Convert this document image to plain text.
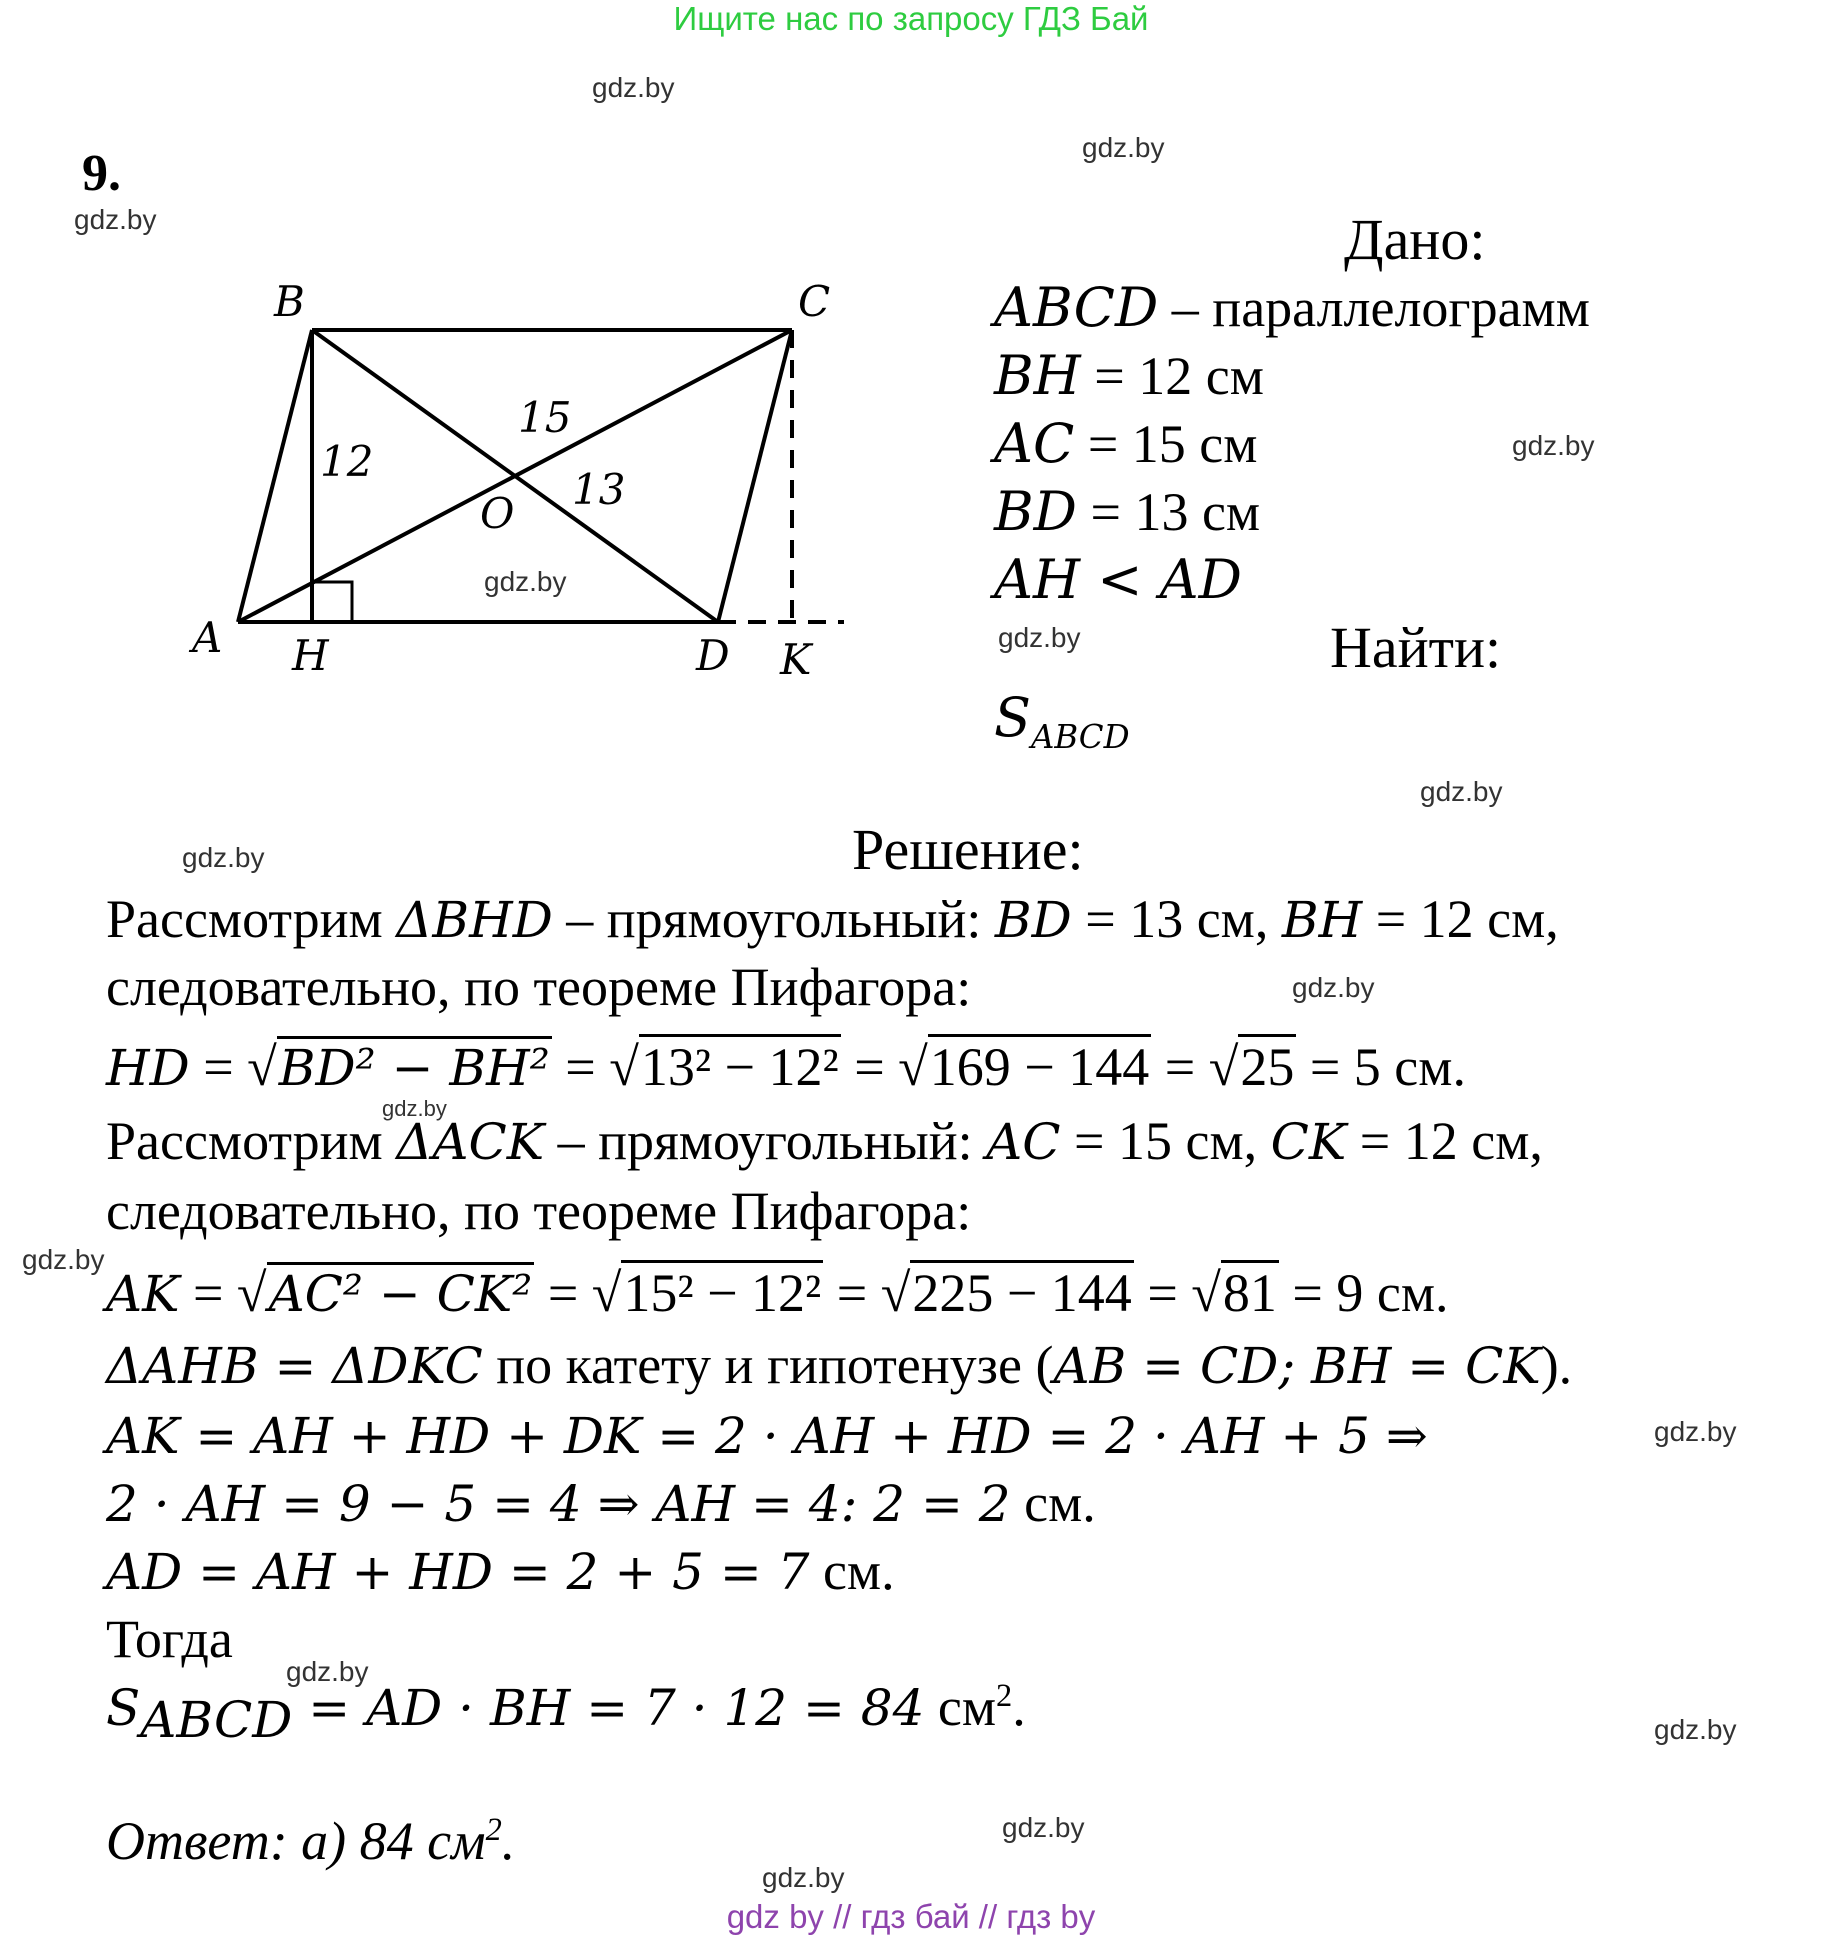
Ищите нас по запросу ГДЗ Бай
gdz.by
gdz.by
gdz.by
gdz.by
gdz.by
gdz.by
gdz.by
gdz.by
gdz.by
gdz.by
gdz.by
gdz.by
gdz.by
gdz.by
gdz.by
gdz.by
9.
B	C
A H	D K
O
12
15
13
Дано:
ABCD – параллелограмм
BH = 12 см
AC = 15 см
BD = 13 см
AH < AD
Найти:
$S_{ABCD}$
Решение:
Рассмотрим ΔBHD – прямоугольный: BD = 13 см, BH = 12 см,
следовательно, по теореме Пифагора:
HD = √BD² − BH² = √13² − 12² = √169 − 144 = √25 = 5 см.
Рассмотрим ΔACK – прямоугольный: AC = 15 см, CK = 12 см,
следовательно, по теореме Пифагора:
AK = √AC² − CK² = √15² − 12² = √225 − 144 = √81 = 9 см.
ΔAHB = ΔDKC по катету и гипотенузе (AB = CD; BH = CK).
AK = AH + HD + DK = 2 · AH + HD = 2 · AH + 5 ⇒
2 · AH = 9 − 5 = 4 ⇒ AH = 4: 2 = 2 см.
AD = AH + HD = 2 + 5 = 7 см.
Тогда
$S_{ABCD}$ = AD · BH = 7 · 12 = 84 $см^2$.
Ответ: а) 84 $см^2$.
gdz by // гдз бай // гдз by
